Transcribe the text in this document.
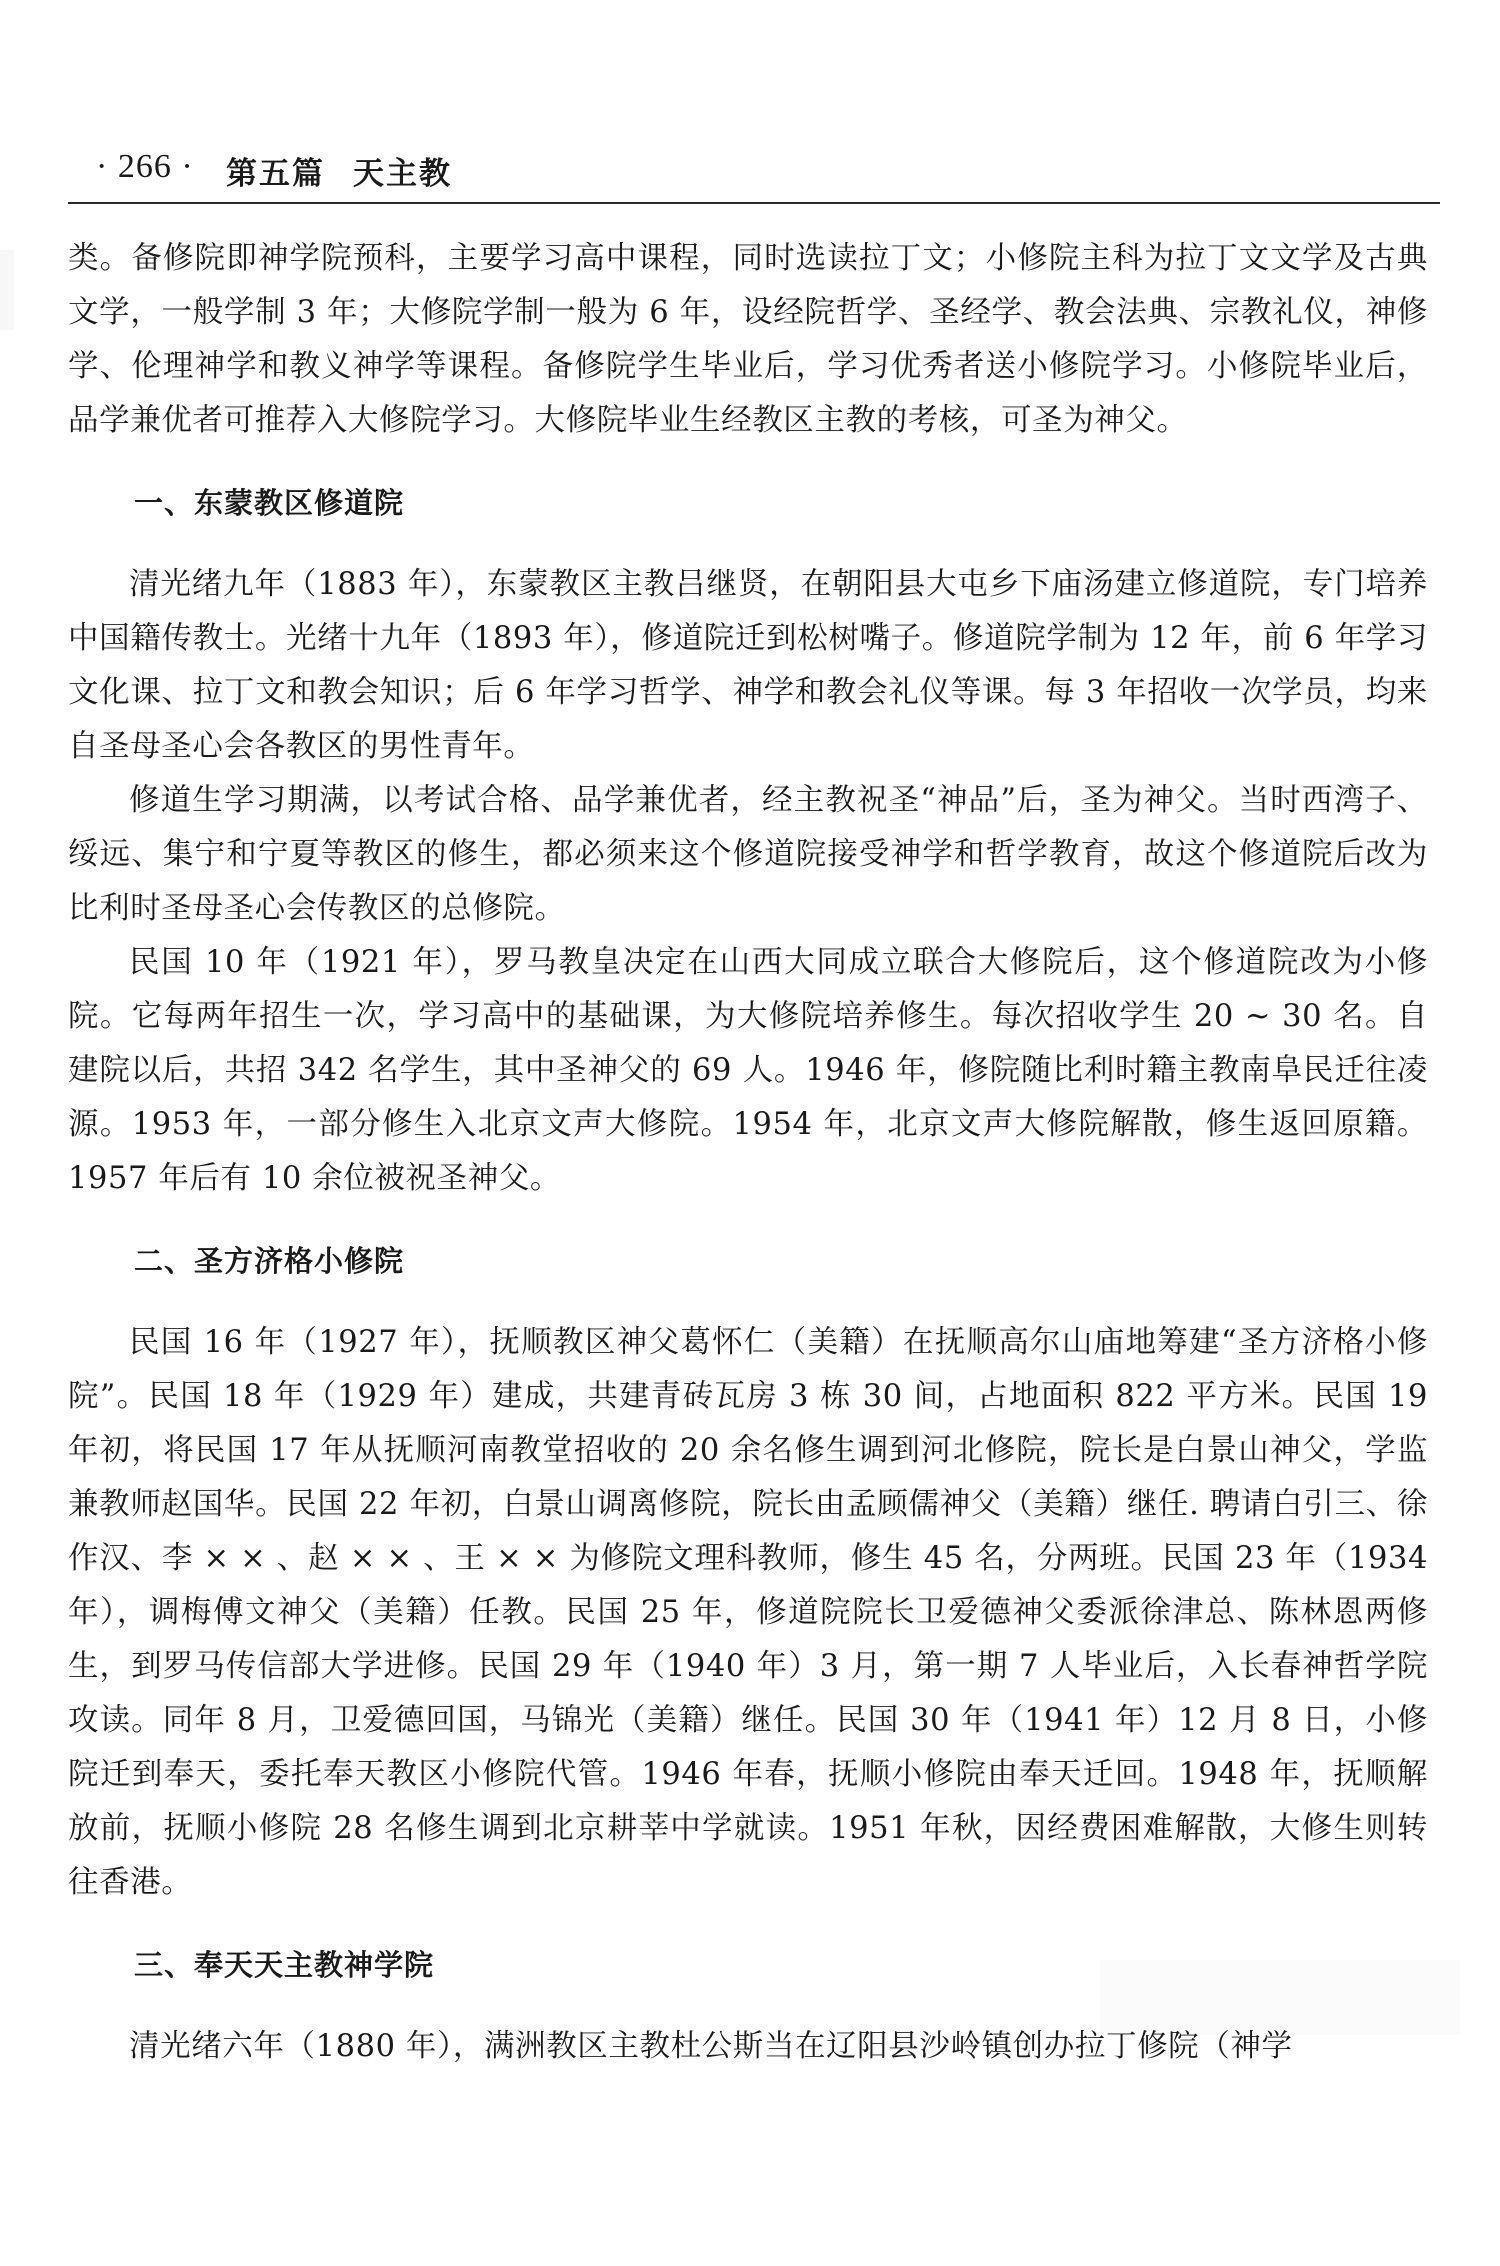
· 266 · 第五篇 天主教

类。备修院即神学院预科，主要学习高中课程，同时选读拉丁文；小修院主科为拉丁文文学及古典文学，一般学制 3 年；大修院学制一般为 6 年，设经院哲学、圣经学、教会法典、宗教礼仪，神修学、伦理神学和教义神学等课程。备修院学生毕业后，学习优秀者送小修院学习。小修院毕业后，品学兼优者可推荐入大修院学习。大修院毕业生经教区主教的考核，可圣为神父。

一、东蒙教区修道院

清光绪九年（1883 年），东蒙教区主教吕继贤，在朝阳县大屯乡下庙汤建立修道院，专门培养中国籍传教士。光绪十九年（1893 年），修道院迁到松树嘴子。修道院学制为 12 年，前 6 年学习文化课、拉丁文和教会知识；后 6 年学习哲学、神学和教会礼仪等课。每 3 年招收一次学员，均来自圣母圣心会各教区的男性青年。

修道生学习期满，以考试合格、品学兼优者，经主教祝圣“神品”后，圣为神父。当时西湾子、绥远、集宁和宁夏等教区的修生，都必须来这个修道院接受神学和哲学教育，故这个修道院后改为比利时圣母圣心会传教区的总修院。

民国 10 年（1921 年），罗马教皇决定在山西大同成立联合大修院后，这个修道院改为小修院。它每两年招生一次，学习高中的基础课，为大修院培养修生。每次招收学生 20 ~ 30 名。自建院以后，共招 342 名学生，其中圣神父的 69 人。1946 年，修院随比利时籍主教南阜民迁往凌源。1953 年，一部分修生入北京文声大修院。1954 年，北京文声大修院解散，修生返回原籍。1957 年后有 10 余位被祝圣神父。

二、圣方济格小修院

民国 16 年（1927 年），抚顺教区神父葛怀仁（美籍）在抚顺高尔山庙地筹建“圣方济格小修院”。民国 18 年（1929 年）建成，共建青砖瓦房 3 栋 30 间，占地面积 822 平方米。民国 19 年初，将民国 17 年从抚顺河南教堂招收的 20 余名修生调到河北修院，院长是白景山神父，学监兼教师赵国华。民国 22 年初，白景山调离修院，院长由孟顾儒神父（美籍）继任. 聘请白引三、徐作汉、李 × × 、赵 × × 、王 × × 为修院文理科教师，修生 45 名，分两班。民国 23 年（1934 年），调梅傅文神父（美籍）任教。民国 25 年，修道院院长卫爱德神父委派徐津总、陈林恩两修生，到罗马传信部大学进修。民国 29 年（1940 年）3 月，第一期 7 人毕业后，入长春神哲学院攻读。同年 8 月，卫爱德回国，马锦光（美籍）继任。民国 30 年（1941 年）12 月 8 日，小修院迁到奉天，委托奉天教区小修院代管。1946 年春，抚顺小修院由奉天迁回。1948 年，抚顺解放前，抚顺小修院 28 名修生调到北京耕莘中学就读。1951 年秋，因经费困难解散，大修生则转往香港。

三、奉天天主教神学院

清光绪六年（1880 年），满洲教区主教杜公斯当在辽阳县沙岭镇创办拉丁修院（神学
